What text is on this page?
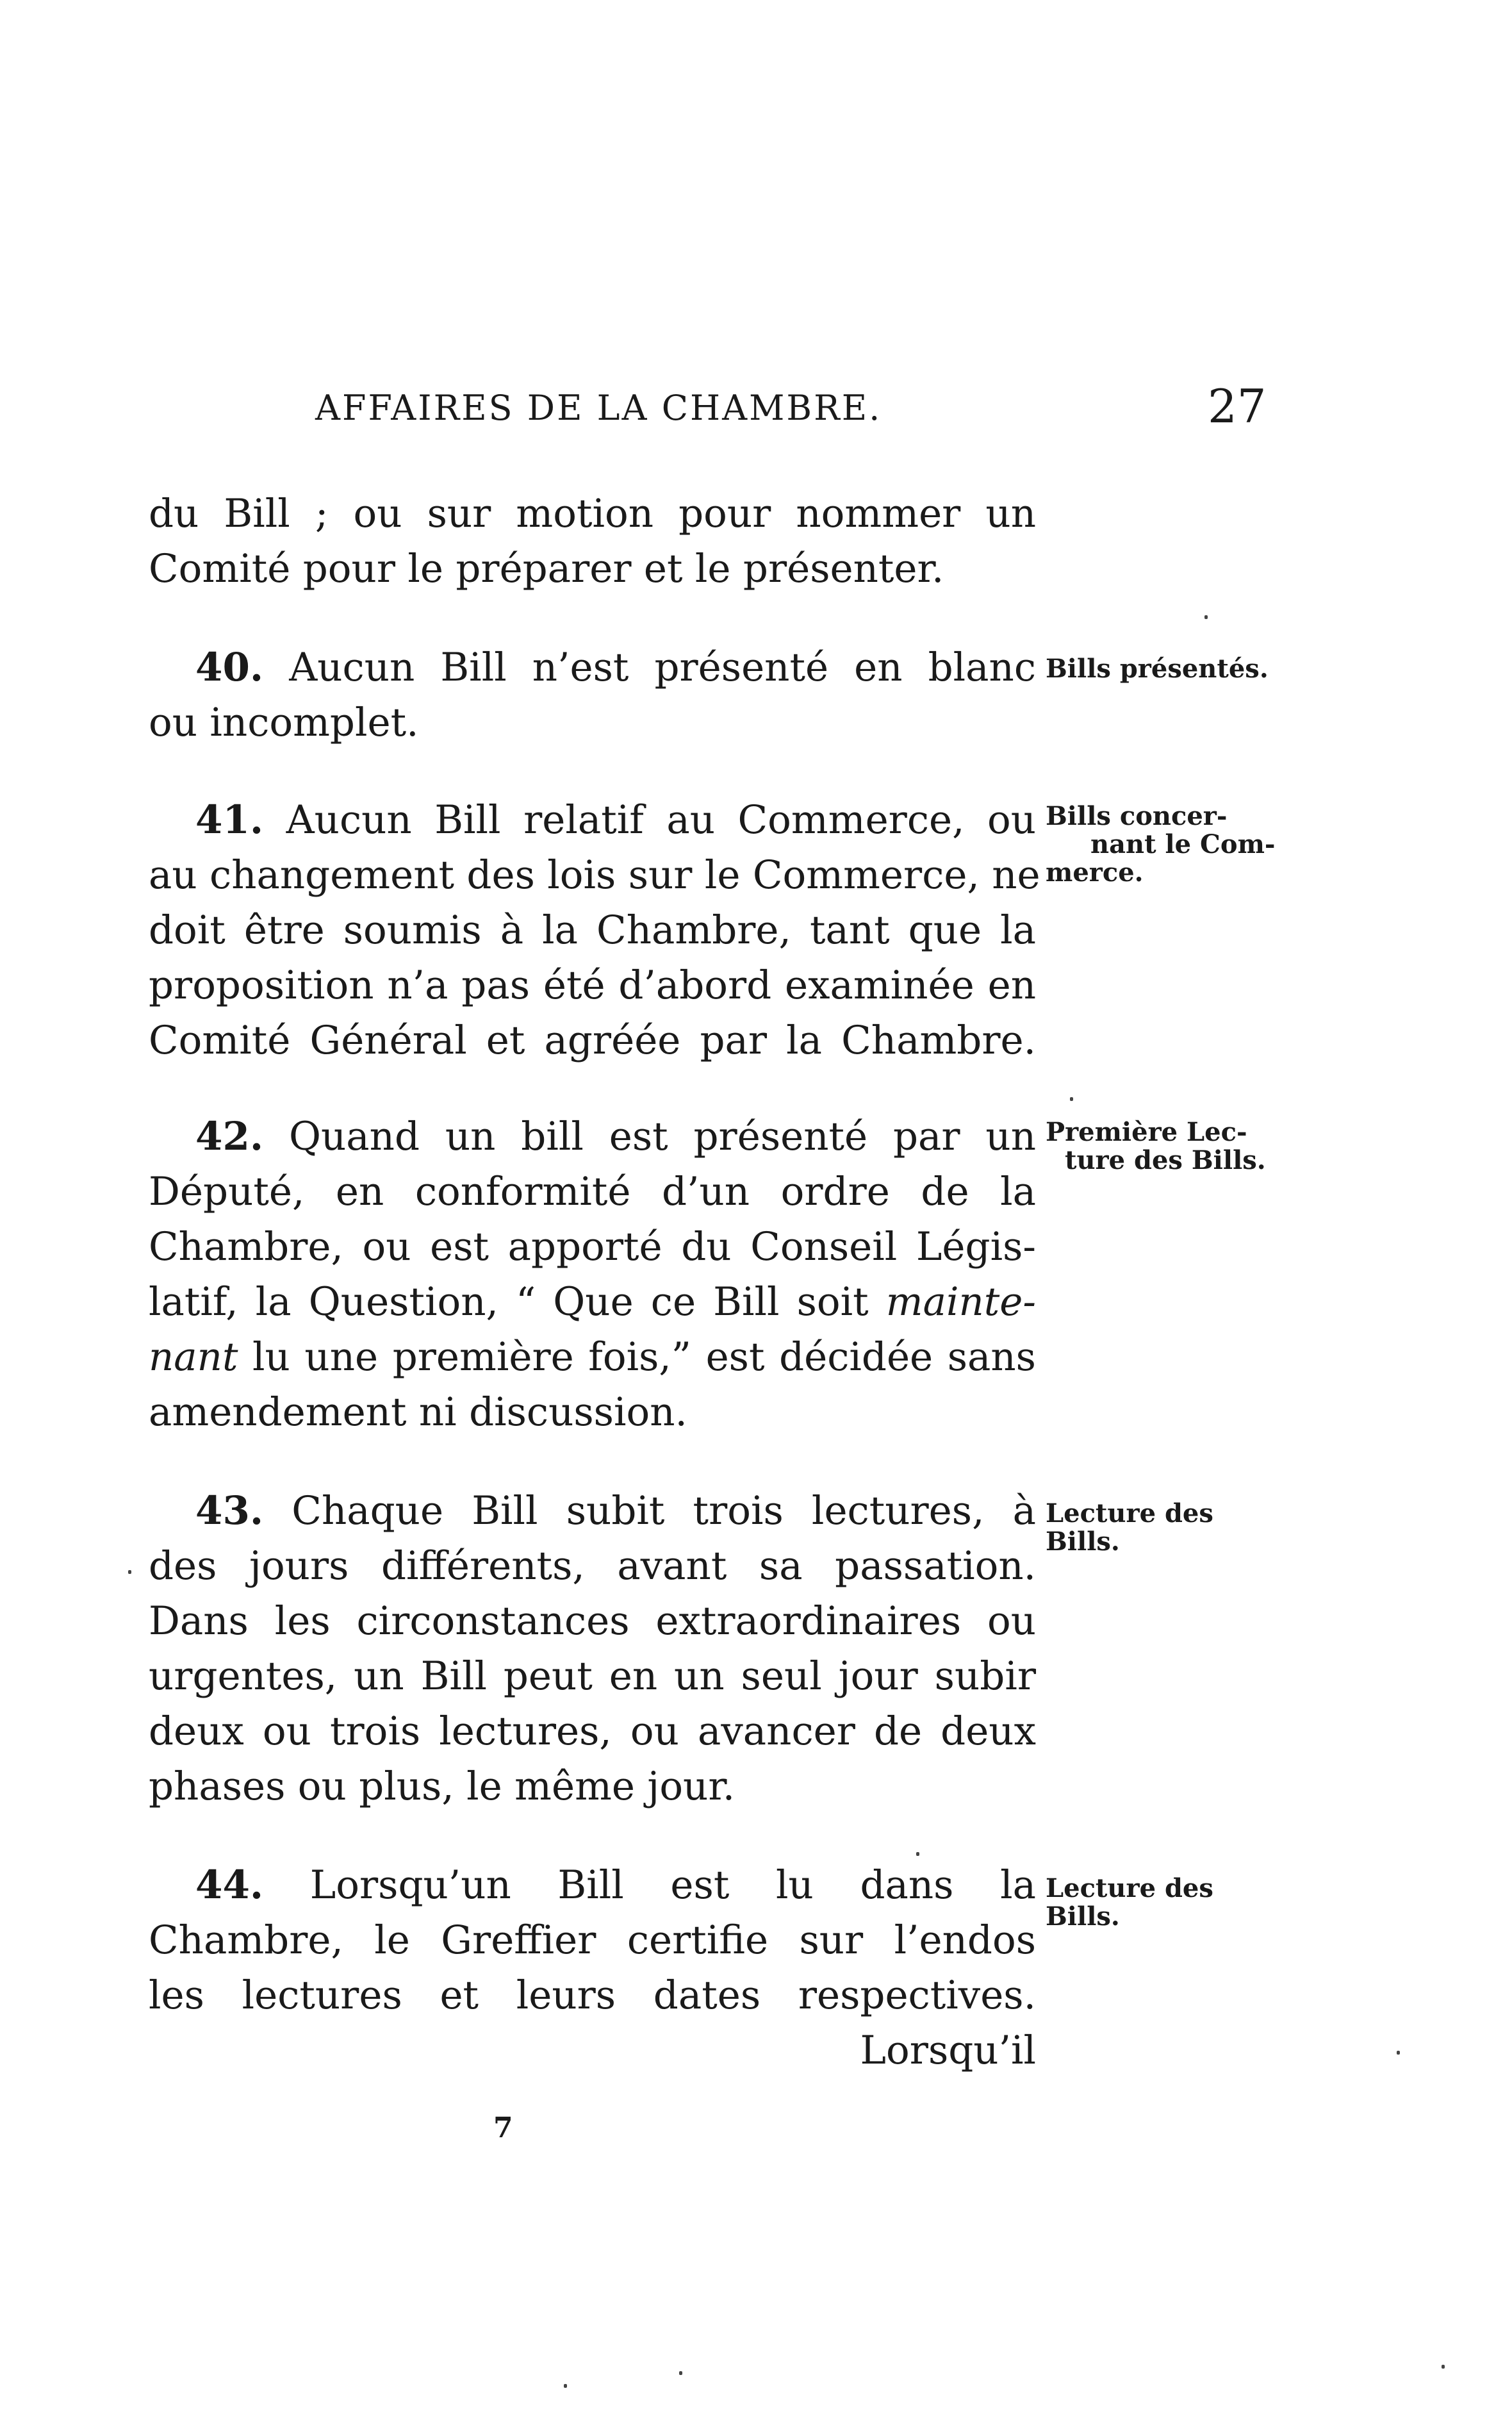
AFFAIRES DE LA CHAMBRE.	27
du Bill ; ou sur motion pour nommer un
Comité pour le préparer et le présenter.
40. Aucun Bill n’est présenté en blanc
ou incomplet.
Bills présentés.
41. Aucun Bill relatif au Commerce, ou
au changement des lois sur le Commerce, ne
doit être soumis à la Chambre, tant que la
proposition n’a pas été d’abord examinée en
Comité Général et agréée par la Chambre.
Bills concer-
nant le Com-
merce.
42. Quand un bill est présenté par un
Député, en conformité d’un ordre de la
Chambre, ou est apporté du Conseil Légis-
latif, la Question, “ Que ce Bill soit mainte-
nant lu une première fois,” est décidée sans
amendement ni discussion.
Première Lec-
ture des Bills.
43. Chaque Bill subit trois lectures, à
des jours différents, avant sa passation.
Dans les circonstances extraordinaires ou
urgentes, un Bill peut en un seul jour subir
deux ou trois lectures, ou avancer de deux
phases ou plus, le même jour.
Lecture des
Bills.
44. Lorsqu’un Bill est lu dans la
Chambre, le Greffier certifie sur l’endos
les lectures et leurs dates respectives.
Lorsqu’il
Lecture des
Bills.
7
